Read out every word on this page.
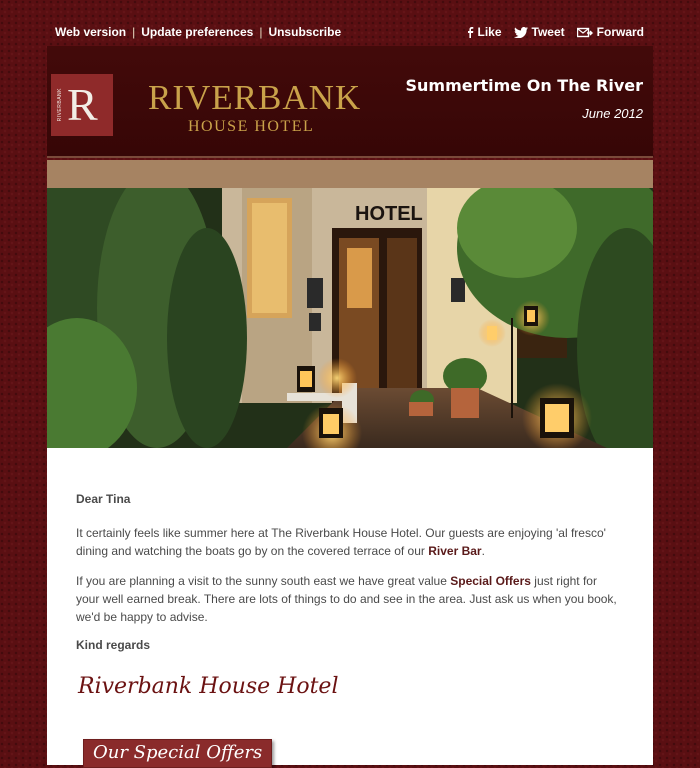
Web version | Update preferences | Unsubscribe	Like	Tweet	Forward
RIVERBANK R RIVERBANK
HOUSE HOTEL
Summertime On The River
June 2012
HOTEL
Dear Tina

It certainly feels like summer here at The Riverbank House Hotel. Our guests are enjoying 'al fresco' dining and watching the boats go by on the covered terrace of our River Bar.

If you are planning a visit to the sunny south east we have great value Special Offers just right for your well earned break. There are lots of things to do and see in the area. Just ask us when you book, we'd be happy to advise.

Kind regards
Riverbank House Hotel
Our Special Offers
